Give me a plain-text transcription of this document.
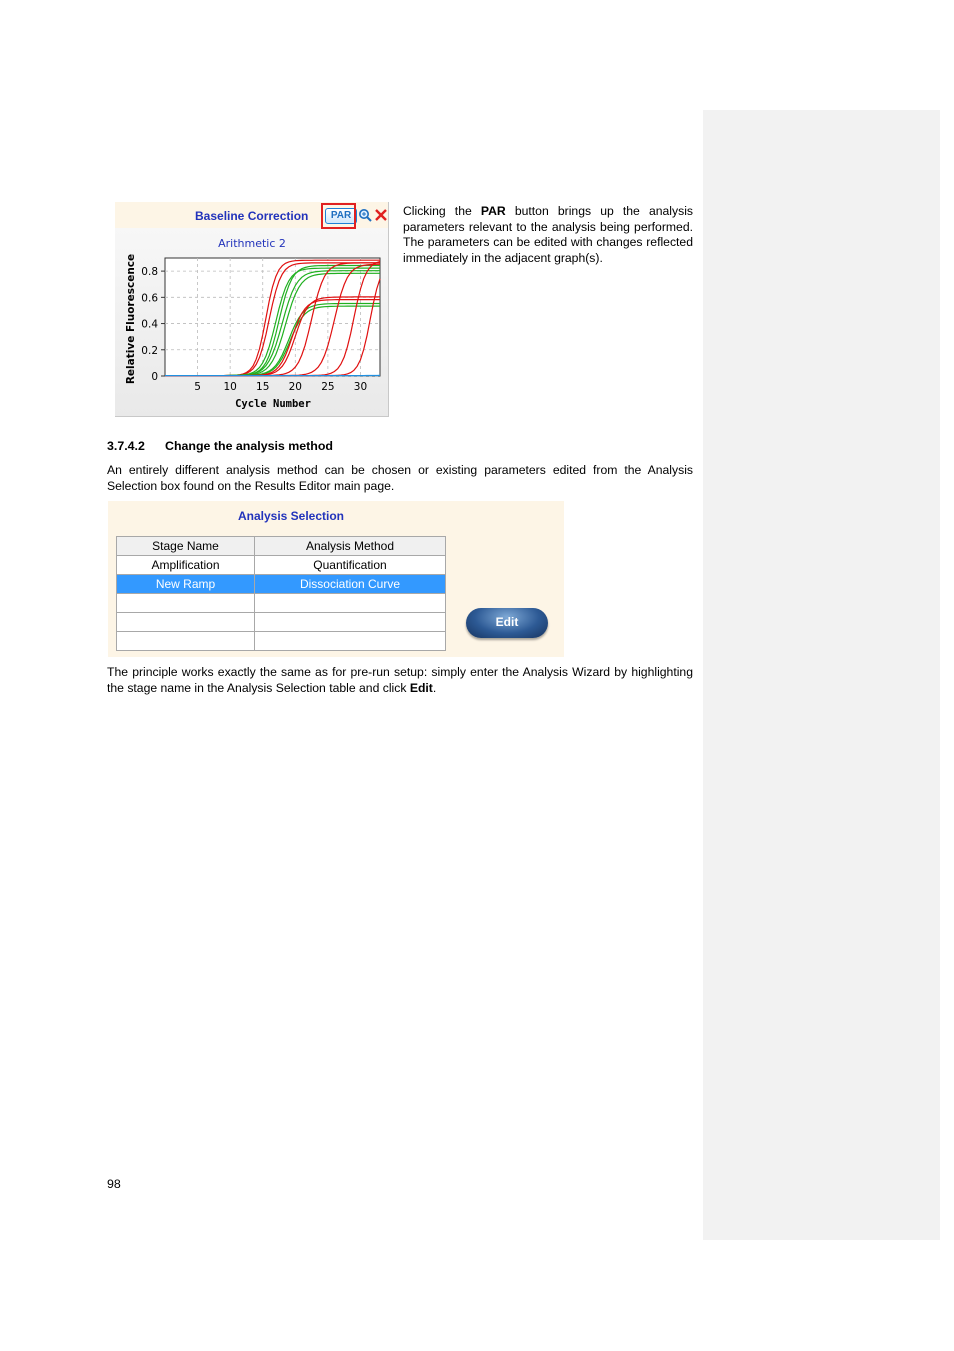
Baseline Correction	PAR
Arithmetic 2
Cycle Number
Relative Fluorescence
5 10 15 20 25 30
0
0.2
0.4
0.6
0.8
Clicking the PAR button brings up the analysis parameters relevant to the analysis being performed. The parameters can be edited with changes reflected immediately in the adjacent graph(s).
3.7.4.2 Change the analysis method
An entirely different analysis method can be chosen or existing parameters edited from the Analysis Selection box found on the Results Editor main page.
Analysis Selection
Stage Name	Analysis Method
Amplification	Quantification
New Ramp	Dissociation Curve

Edit
The principle works exactly the same as for pre-run setup: simply enter the Analysis Wizard by highlighting the stage name in the Analysis Selection table and click Edit.
98
